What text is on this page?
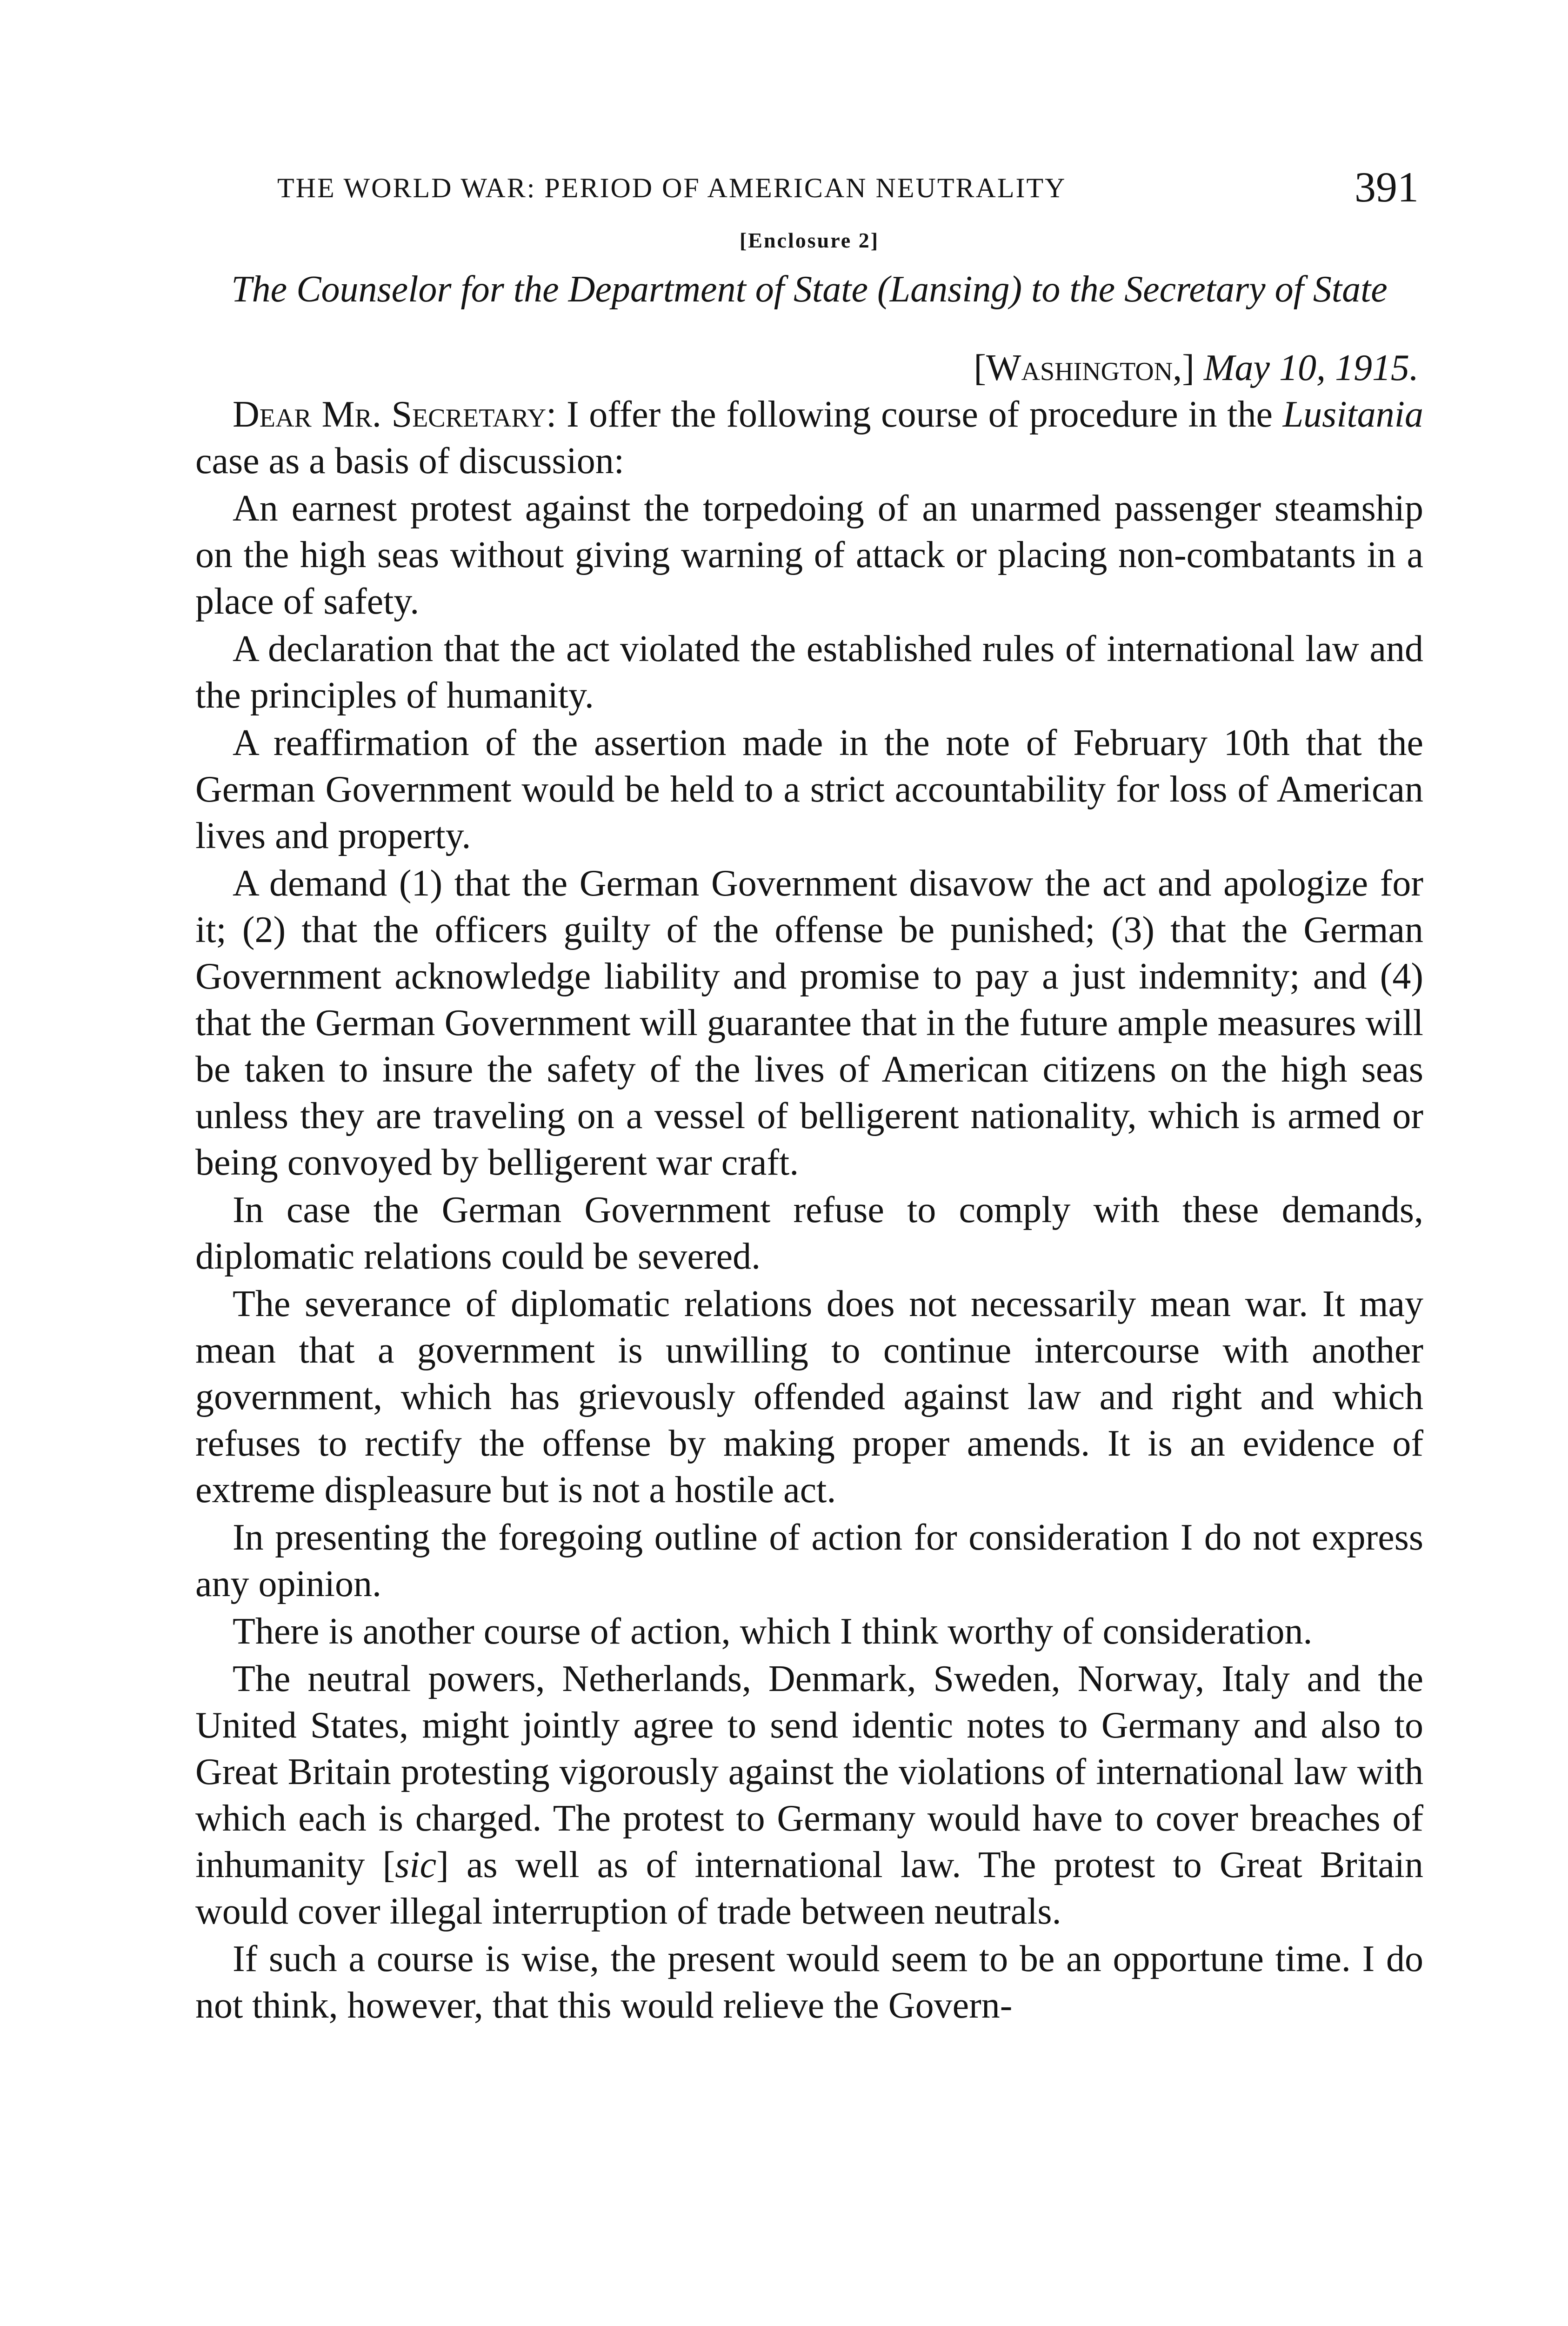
THE WORLD WAR: PERIOD OF AMERICAN NEUTRALITY	391
[Enclosure 2]
The Counselor for the Department of State (Lansing) to the Secretary of State
[Washington,] May 10, 1915.

Dear Mr. Secretary: I offer the following course of procedure in the Lusitania case as a basis of discussion:

An earnest protest against the torpedoing of an unarmed passenger steamship on the high seas without giving warning of attack or placing non-combatants in a place of safety.

A declaration that the act violated the established rules of international law and the principles of humanity.

A reaffirmation of the assertion made in the note of February 10th that the German Government would be held to a strict accountability for loss of American lives and property.

A demand (1) that the German Government disavow the act and apologize for it; (2) that the officers guilty of the offense be punished; (3) that the German Government acknowledge liability and promise to pay a just indemnity; and (4) that the German Government will guarantee that in the future ample measures will be taken to insure the safety of the lives of American citizens on the high seas unless they are traveling on a vessel of belligerent nationality, which is armed or being convoyed by belligerent war craft.

In case the German Government refuse to comply with these demands, diplomatic relations could be severed.

The severance of diplomatic relations does not necessarily mean war. It may mean that a government is unwilling to continue intercourse with another government, which has grievously offended against law and right and which refuses to rectify the offense by making proper amends. It is an evidence of extreme displeasure but is not a hostile act.

In presenting the foregoing outline of action for consideration I do not express any opinion.

There is another course of action, which I think worthy of consideration.

The neutral powers, Netherlands, Denmark, Sweden, Norway, Italy and the United States, might jointly agree to send identic notes to Germany and also to Great Britain protesting vigorously against the violations of international law with which each is charged. The protest to Germany would have to cover breaches of inhumanity [sic] as well as of international law. The protest to Great Britain would cover illegal interruption of trade between neutrals.

If such a course is wise, the present would seem to be an opportune time. I do not think, however, that this would relieve the Govern-
